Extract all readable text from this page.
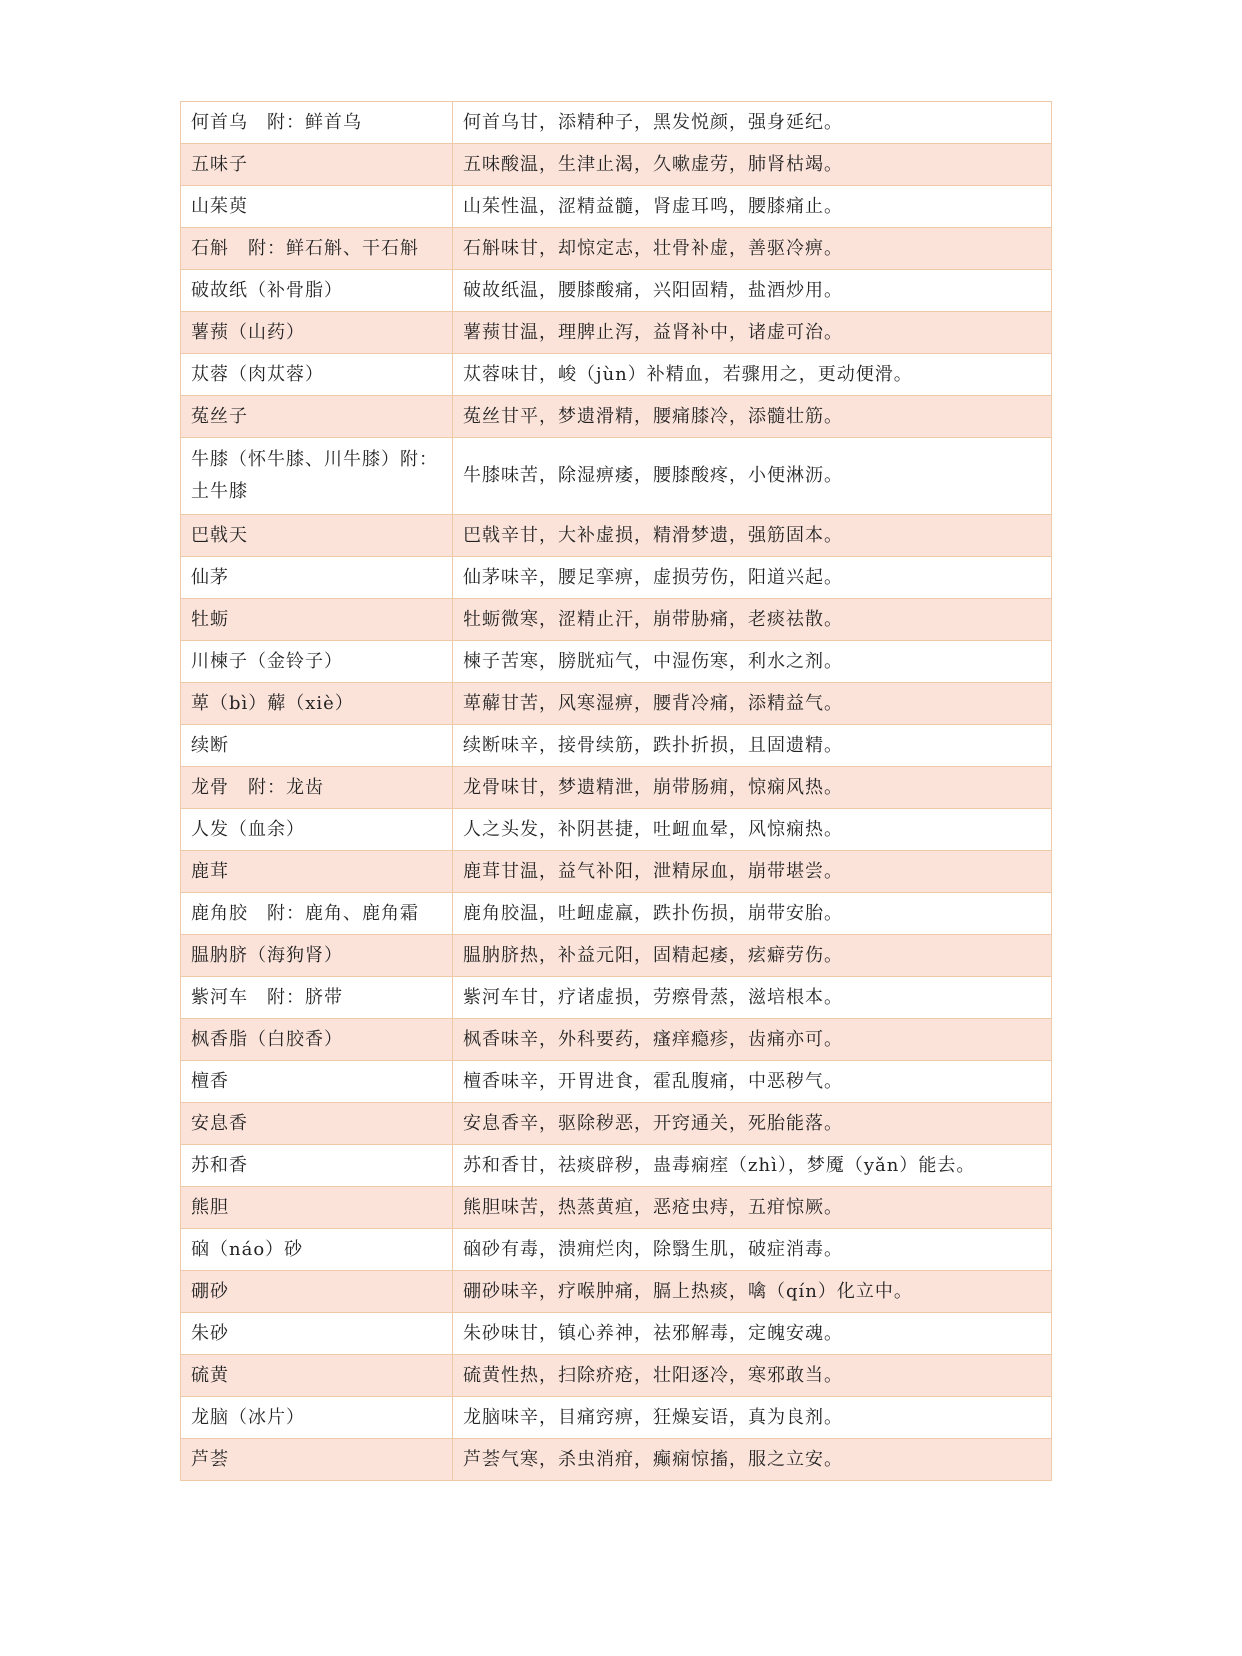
何首乌　附：鲜首乌	何首乌甘，添精种子，黑发悦颜，强身延纪。
五味子	五味酸温，生津止渴，久嗽虚劳，肺肾枯竭。
山茱萸	山茱性温，涩精益髓，肾虚耳鸣，腰膝痛止。
石斛　附：鲜石斛、干石斛	石斛味甘，却惊定志，壮骨补虚，善驱冷痹。
破故纸（补骨脂）	破故纸温，腰膝酸痛，兴阳固精，盐酒炒用。
薯蓣（山药）	薯蓣甘温，理脾止泻，益肾补中，诸虚可治。
苁蓉（肉苁蓉）	苁蓉味甘，峻（jùn）补精血，若骤用之，更动便滑。
菟丝子	菟丝甘平，梦遗滑精，腰痛膝冷，添髓壮筋。
牛膝（怀牛膝、川牛膝）附：土牛膝	牛膝味苦，除湿痹痿，腰膝酸疼，小便淋沥。
巴戟天	巴戟辛甘，大补虚损，精滑梦遗，强筋固本。
仙茅	仙茅味辛，腰足挛痹，虚损劳伤，阳道兴起。
牡蛎	牡蛎微寒，涩精止汗，崩带胁痛，老痰祛散。
川楝子（金铃子）	楝子苦寒，膀胱疝气，中湿伤寒，利水之剂。
萆（bì）薢（xiè）	萆薢甘苦，风寒湿痹，腰背冷痛，添精益气。
续断	续断味辛，接骨续筋，跌扑折损，且固遗精。
龙骨　附：龙齿	龙骨味甘，梦遗精泄，崩带肠痈，惊痫风热。
人发（血余）	人之头发，补阴甚捷，吐衄血晕，风惊痫热。
鹿茸	鹿茸甘温，益气补阳，泄精尿血，崩带堪尝。
鹿角胶　附：鹿角、鹿角霜	鹿角胶温，吐衄虚羸，跌扑伤损，崩带安胎。
腽肭脐（海狗肾）	腽肭脐热，补益元阳，固精起痿，痃癖劳伤。
紫河车　附：脐带	紫河车甘，疗诸虚损，劳瘵骨蒸，滋培根本。
枫香脂（白胶香）	枫香味辛，外科要药，瘙痒瘾疹，齿痛亦可。
檀香	檀香味辛，开胃进食，霍乱腹痛，中恶秽气。
安息香	安息香辛，驱除秽恶，开窍通关，死胎能落。
苏和香	苏和香甘，祛痰辟秽，蛊毒痫痓（zhì），梦魇（yǎn）能去。
熊胆	熊胆味苦，热蒸黄疸，恶疮虫痔，五疳惊厥。
硇（náo）砂	硇砂有毒，溃痈烂肉，除翳生肌，破症消毒。
硼砂	硼砂味辛，疗喉肿痛，膈上热痰，噙（qín）化立中。
朱砂	朱砂味甘，镇心养神，祛邪解毒，定魄安魂。
硫黄	硫黄性热，扫除疥疮，壮阳逐冷，寒邪敢当。
龙脑（冰片）	龙脑味辛，目痛窍痹，狂燥妄语，真为良剂。
芦荟	芦荟气寒，杀虫消疳，癫痫惊搐，服之立安。
